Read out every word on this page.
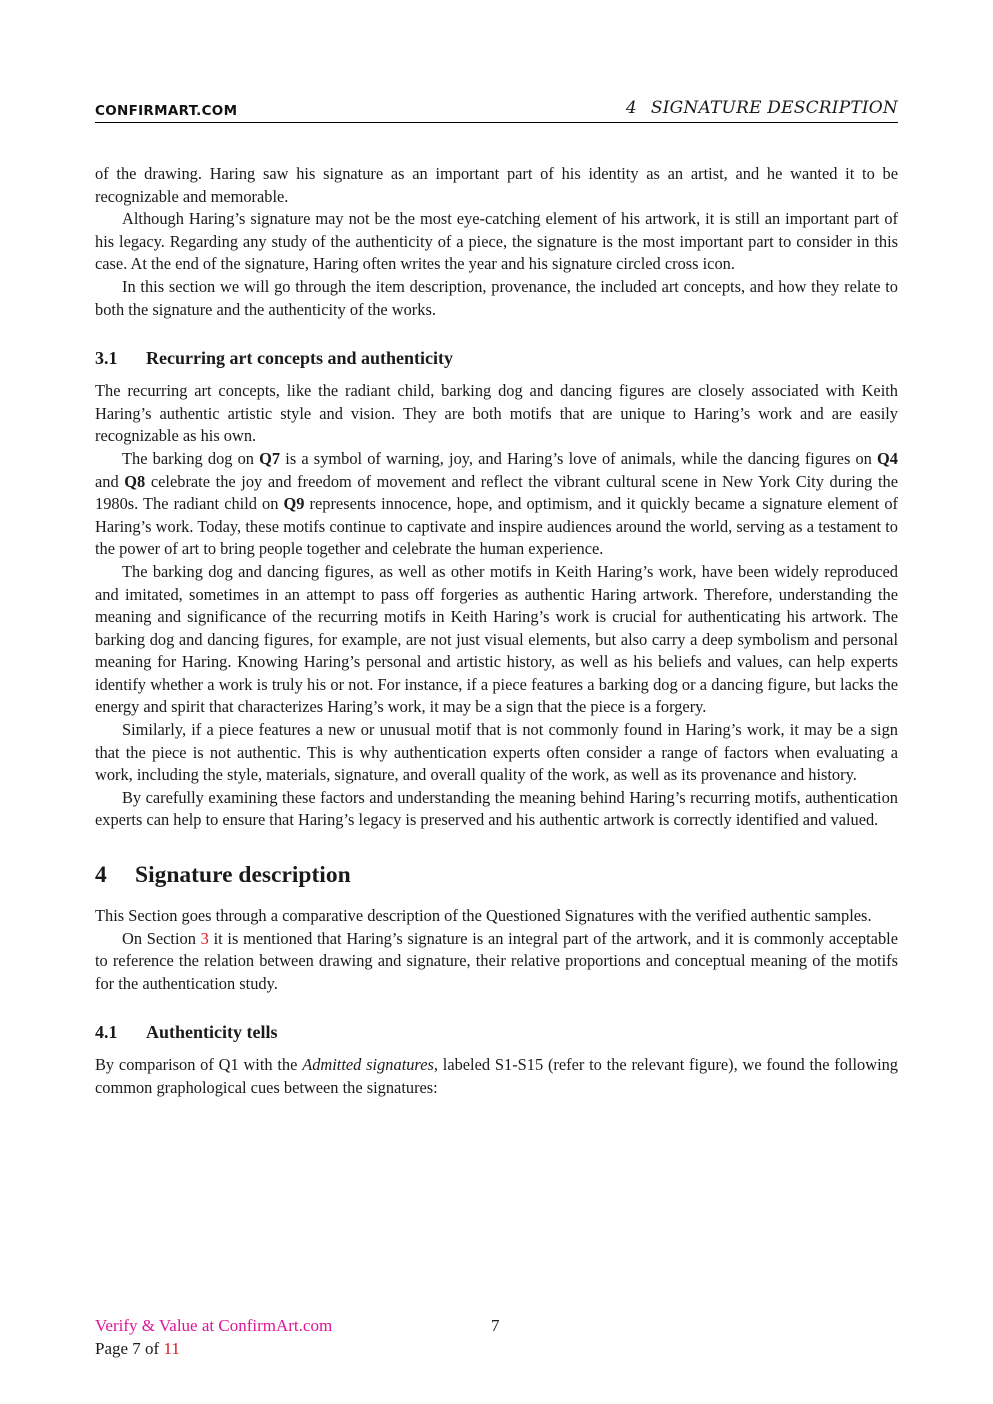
CONFIRMART.COM	4 SIGNATURE DESCRIPTION

of the drawing. Haring saw his signature as an important part of his identity as an artist, and he wanted it to be recognizable and memorable.

Although Haring’s signature may not be the most eye-catching element of his artwork, it is still an important part of his legacy. Regarding any study of the authenticity of a piece, the signature is the most important part to consider in this case. At the end of the signature, Haring often writes the year and his signature circled cross icon.

In this section we will go through the item description, provenance, the included art concepts, and how they relate to both the signature and the authenticity of the works.

3.1 Recurring art concepts and authenticity

The recurring art concepts, like the radiant child, barking dog and dancing figures are closely associated with Keith Haring’s authentic artistic style and vision. They are both motifs that are unique to Haring’s work and are easily recognizable as his own.

The barking dog on Q7 is a symbol of warning, joy, and Haring’s love of animals, while the dancing figures on Q4 and Q8 celebrate the joy and freedom of movement and reflect the vibrant cultural scene in New York City during the 1980s. The radiant child on Q9 represents innocence, hope, and optimism, and it quickly became a signature element of Haring’s work. Today, these motifs continue to captivate and inspire audiences around the world, serving as a testament to the power of art to bring people together and celebrate the human experience.

The barking dog and dancing figures, as well as other motifs in Keith Haring’s work, have been widely reproduced and imitated, sometimes in an attempt to pass off forgeries as authentic Haring artwork. Therefore, understanding the meaning and significance of the recurring motifs in Keith Haring’s work is crucial for authenticating his artwork. The barking dog and dancing figures, for example, are not just visual elements, but also carry a deep symbolism and personal meaning for Haring. Knowing Haring’s personal and artistic history, as well as his beliefs and values, can help experts identify whether a work is truly his or not. For instance, if a piece features a barking dog or a dancing figure, but lacks the energy and spirit that characterizes Haring’s work, it may be a sign that the piece is a forgery.

Similarly, if a piece features a new or unusual motif that is not commonly found in Haring’s work, it may be a sign that the piece is not authentic. This is why authentication experts often consider a range of factors when evaluating a work, including the style, materials, signature, and overall quality of the work, as well as its provenance and history.

By carefully examining these factors and understanding the meaning behind Haring’s recurring motifs, authentication experts can help to ensure that Haring’s legacy is preserved and his authentic artwork is correctly identified and valued.

4 Signature description

This Section goes through a comparative description of the Questioned Signatures with the verified authentic samples.

On Section 3 it is mentioned that Haring’s signature is an integral part of the artwork, and it is commonly acceptable to reference the relation between drawing and signature, their relative proportions and conceptual meaning of the motifs for the authentication study.

4.1 Authenticity tells

By comparison of Q1 with the Admitted signatures, labeled S1-S15 (refer to the relevant figure), we found the following common graphological cues between the signatures:

Verify & Value at ConfirmArt.com	7
Page 7 of 11
